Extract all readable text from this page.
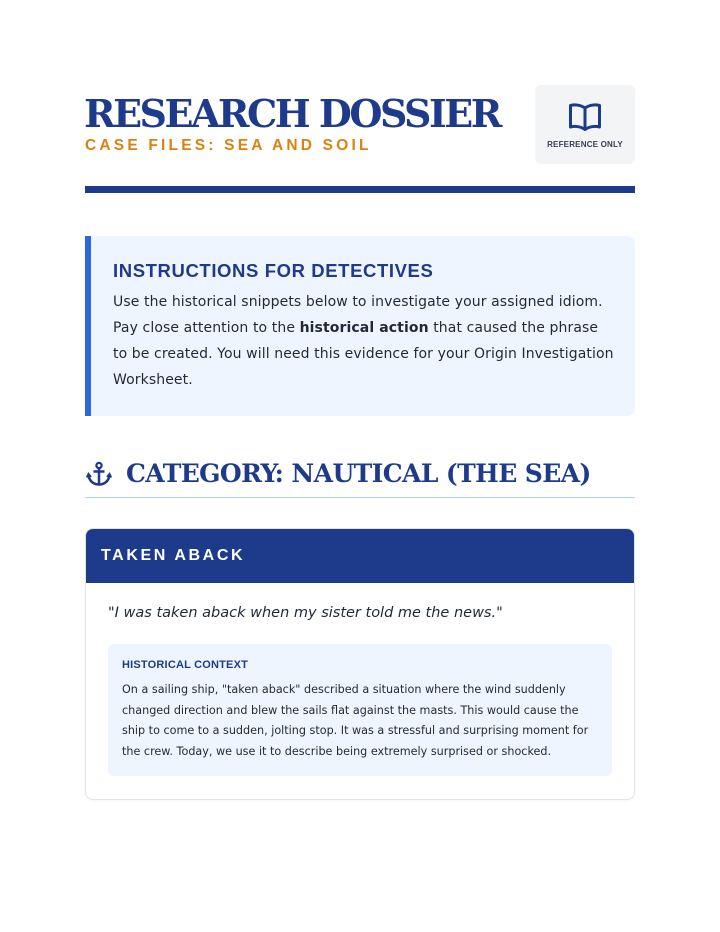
RESEARCH DOSSIER
CASE FILES: SEA AND SOIL	REFERENCE ONLY
INSTRUCTIONS FOR DETECTIVES

Use the historical snippets below to investigate your assigned idiom. Pay close attention to the historical action that caused the phrase to be created. You will need this evidence for your Origin Investigation Worksheet.

CATEGORY: NAUTICAL (THE SEA)
TAKEN ABACK

"I was taken aback when my sister told me the news."

HISTORICAL CONTEXT

On a sailing ship, "taken aback" described a situation where the wind suddenly changed direction and blew the sails flat against the masts. This would cause the ship to come to a sudden, jolting stop. It was a stressful and surprising moment for the crew. Today, we use it to describe being extremely surprised or shocked.
